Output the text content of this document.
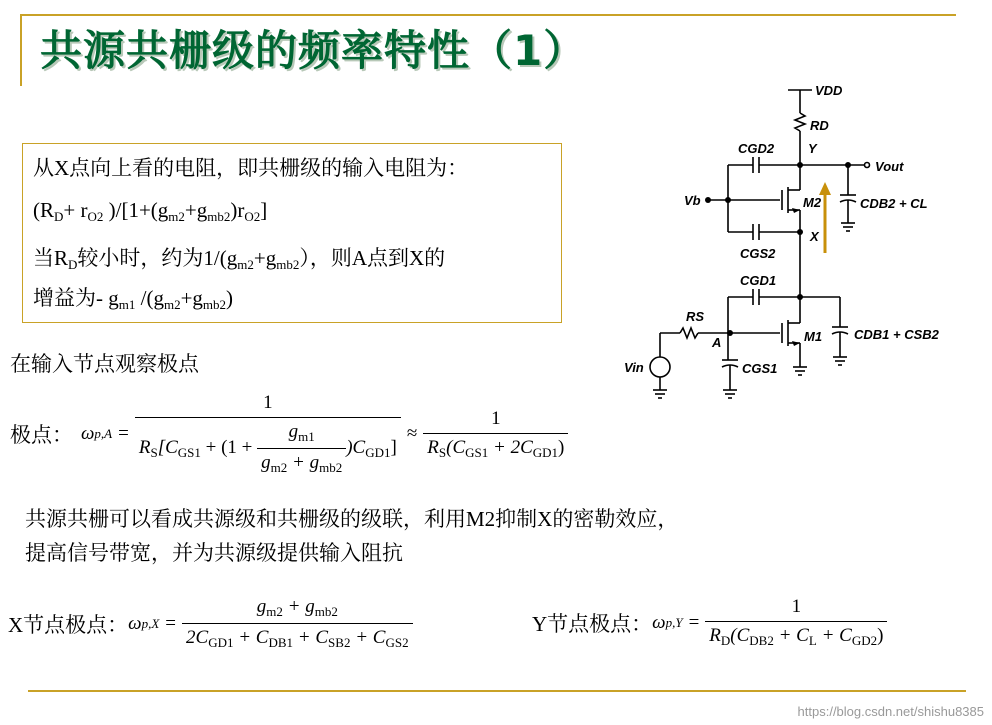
共源共栅级的频率特性（1）
从X点向上看的电阻，即共栅级的输入电阻为：
($R_D+ r_{O2}$ )$/[1+(g_{m2}+g_{mb2})r_{O2}]$
当$R_D$较小时，约为$1/(g_{m2}+g_{mb2})$，则A点到X的
增益为- $g_{m1}$ $/(g_{m2}+g_{mb2})$
VDD
RD
Y
CGD2
Vout
Vb	M2	CDB2 + CL
X
CGS2
CGD1
RS
A	M1 CDB1 + CSB2
Vin	CGS1
在输入节点观察极点
极点： ω $p,A = \frac{1}{R_S[C_{GS1} + (1 + \frac{g_{m1}}{g_{m2} + g_{mb2}} )C_{GD1}]} \approx \frac{1}{R_S(C_{GS1} + 2C_{GD1})}$
共源共栅可以看成共源级和共栅级的级联，利用M2抑制X的密勒效应，
提高信号带宽，并为共源级提供输入阻抗
X节点极点： ω $p,X = \frac{g_{m2} + g_{mb2}}{2C_{GD1} + C_{DB1} + C_{SB2} + C_{GS2}}$	Y节点极点： ω $p,Y = \frac{1}{R_D(C_{DB2} + C_L + C_{GD2})}$
https://blog.csdn.net/shishu8385
